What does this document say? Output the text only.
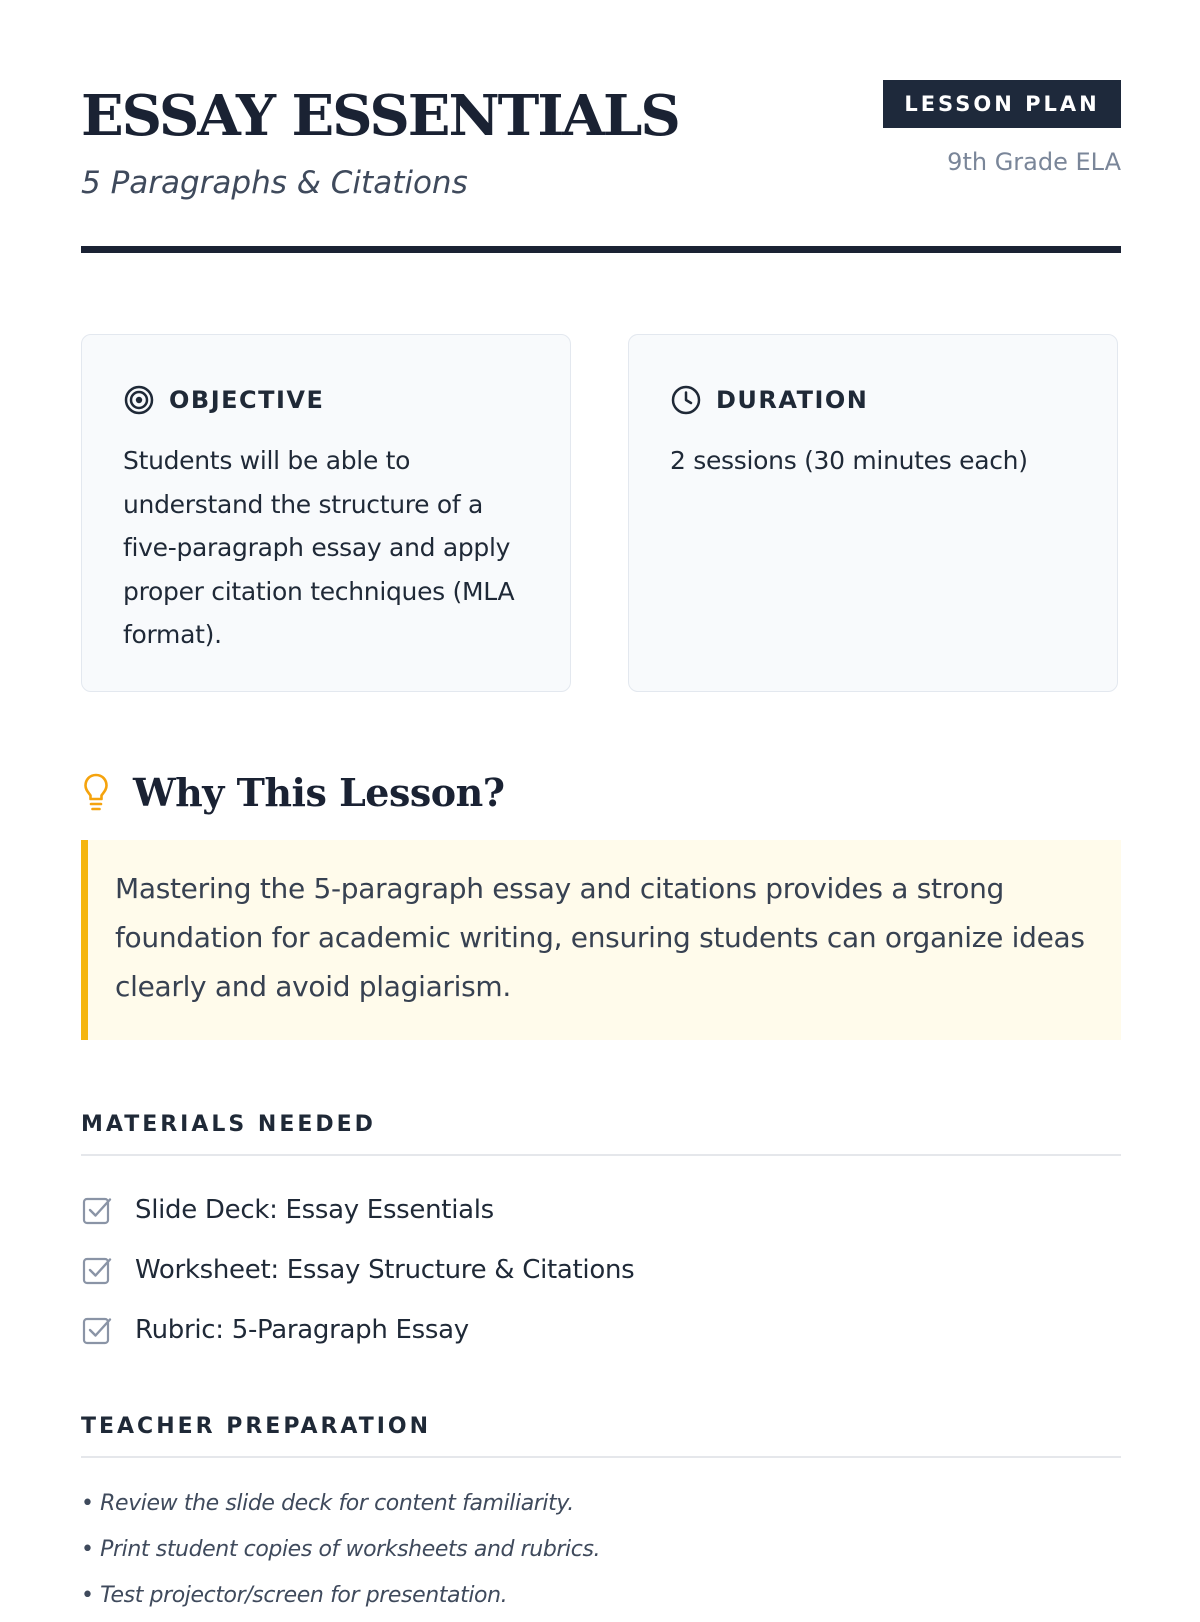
ESSAY ESSENTIALS
5 Paragraphs & Citations
LESSON PLAN
9th Grade ELA
OBJECTIVE
Students will be able to understand the structure of a five-paragraph essay and apply proper citation techniques (MLA format).
DURATION
2 sessions (30 minutes each)
Why This Lesson?
Mastering the 5-paragraph essay and citations provides a strong foundation for academic writing, ensuring students can organize ideas clearly and avoid plagiarism.
MATERIALS NEEDED
Slide Deck: Essay Essentials
Worksheet: Essay Structure & Citations
Rubric: 5-Paragraph Essay
TEACHER PREPARATION
• Review the slide deck for content familiarity.
• Print student copies of worksheets and rubrics.
• Test projector/screen for presentation.
